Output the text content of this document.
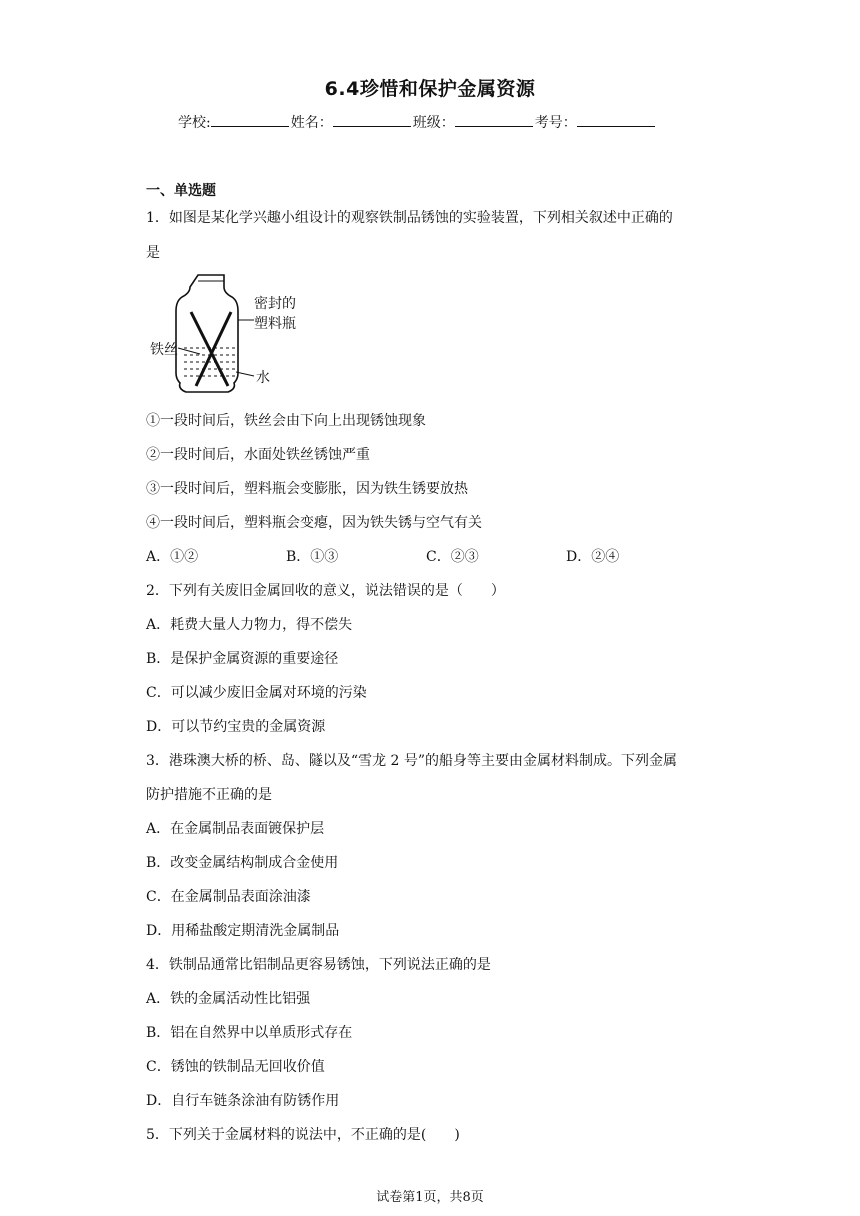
6.4珍惜和保护金属资源
学校:	姓名：	班级：	考号：
一、单选题
1．如图是某化学兴趣小组设计的观察铁制品锈蚀的实验装置，下列相关叙述中正确的
是
密封的
塑料瓶
铁丝
水
①一段时间后，铁丝会由下向上出现锈蚀现象
②一段时间后，水面处铁丝锈蚀严重
③一段时间后，塑料瓶会变膨胀，因为铁生锈要放热
④一段时间后，塑料瓶会变瘪，因为铁失锈与空气有关
A．①②	B．①③	C．②③	D．②④
2．下列有关废旧金属回收的意义，说法错误的是（　　）
A．耗费大量人力物力，得不偿失
B．是保护金属资源的重要途径
C．可以减少废旧金属对环境的污染
D．可以节约宝贵的金属资源
3．港珠澳大桥的桥、岛、隧以及“雪龙 2 号”的船身等主要由金属材料制成。下列金属
防护措施不正确的是
A．在金属制品表面镀保护层
B．改变金属结构制成合金使用
C．在金属制品表面涂油漆
D．用稀盐酸定期清洗金属制品
4．铁制品通常比铝制品更容易锈蚀，下列说法正确的是
A．铁的金属活动性比铝强
B．铝在自然界中以单质形式存在
C．锈蚀的铁制品无回收价值
D．自行车链条涂油有防锈作用
5．下列关于金属材料的说法中，不正确的是(　　)
试卷第1页，共8页
